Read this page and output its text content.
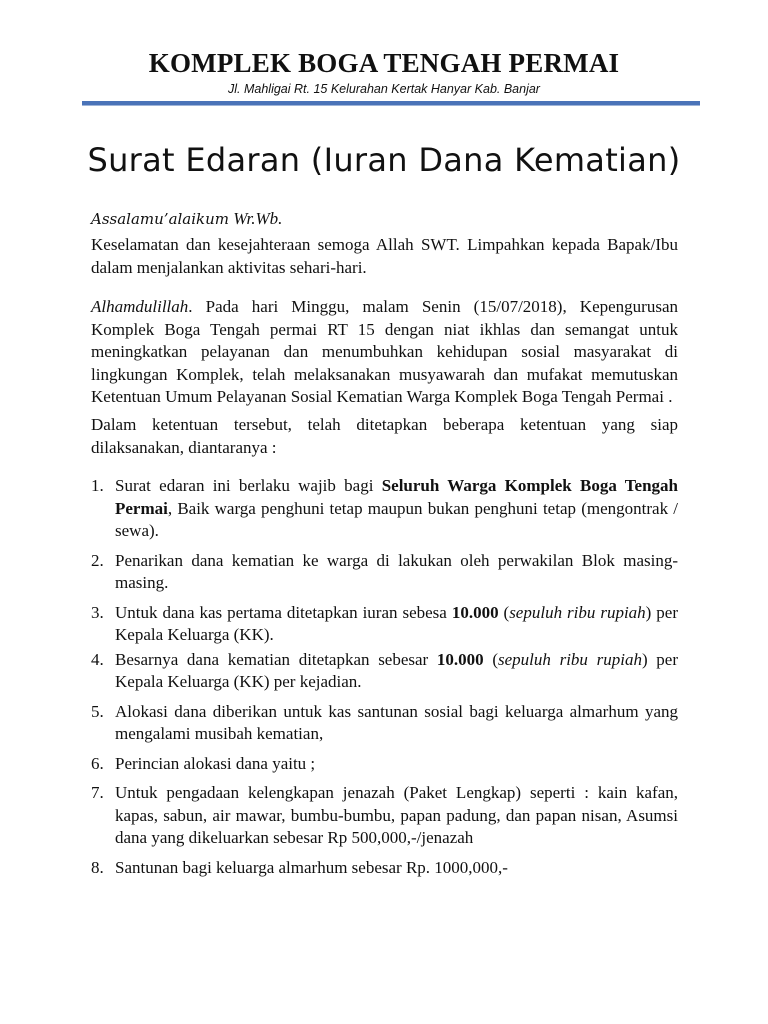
KOMPLEK BOGA TENGAH PERMAI
Jl. Mahligai Rt. 15 Kelurahan Kertak Hanyar Kab. Banjar
Surat Edaran (Iuran Dana Kematian)

Assalamu’alaikum Wr.Wb.

Keselamatan dan kesejahteraan semoga Allah SWT. Limpahkan kepada Bapak/Ibu dalam menjalankan aktivitas sehari-hari.

Alhamdulillah. Pada hari Minggu, malam Senin (15/07/2018), Kepengurusan Komplek Boga Tengah permai RT 15 dengan niat ikhlas dan semangat untuk meningkatkan pelayanan dan menumbuhkan kehidupan sosial masyarakat di lingkungan Komplek, telah melaksanakan musyawarah dan mufakat memutuskan Ketentuan Umum Pelayanan Sosial Kematian Warga Komplek Boga Tengah Permai .

Dalam ketentuan tersebut, telah ditetapkan beberapa ketentuan yang siap dilaksanakan, diantaranya :

1. Surat edaran ini berlaku wajib bagi Seluruh Warga Komplek Boga Tengah Permai, Baik warga penghuni tetap maupun bukan penghuni tetap (mengontrak / sewa).
2. Penarikan dana kematian ke warga di lakukan oleh perwakilan Blok masing-masing.
3. Untuk dana kas pertama ditetapkan iuran sebesa 10.000 (sepuluh ribu rupiah) per Kepala Keluarga (KK).
4. Besarnya dana kematian ditetapkan sebesar 10.000 (sepuluh ribu rupiah) per Kepala Keluarga (KK) per kejadian.
5. Alokasi dana diberikan untuk kas santunan sosial bagi keluarga almarhum yang mengalami musibah kematian,
6. Perincian alokasi dana yaitu ;
7. Untuk pengadaan kelengkapan jenazah (Paket Lengkap) seperti : kain kafan, kapas, sabun, air mawar, bumbu-bumbu, papan padung, dan papan nisan, Asumsi dana yang dikeluarkan sebesar Rp 500,000,-/jenazah
8. Santunan bagi keluarga almarhum sebesar Rp. 1000,000,-
